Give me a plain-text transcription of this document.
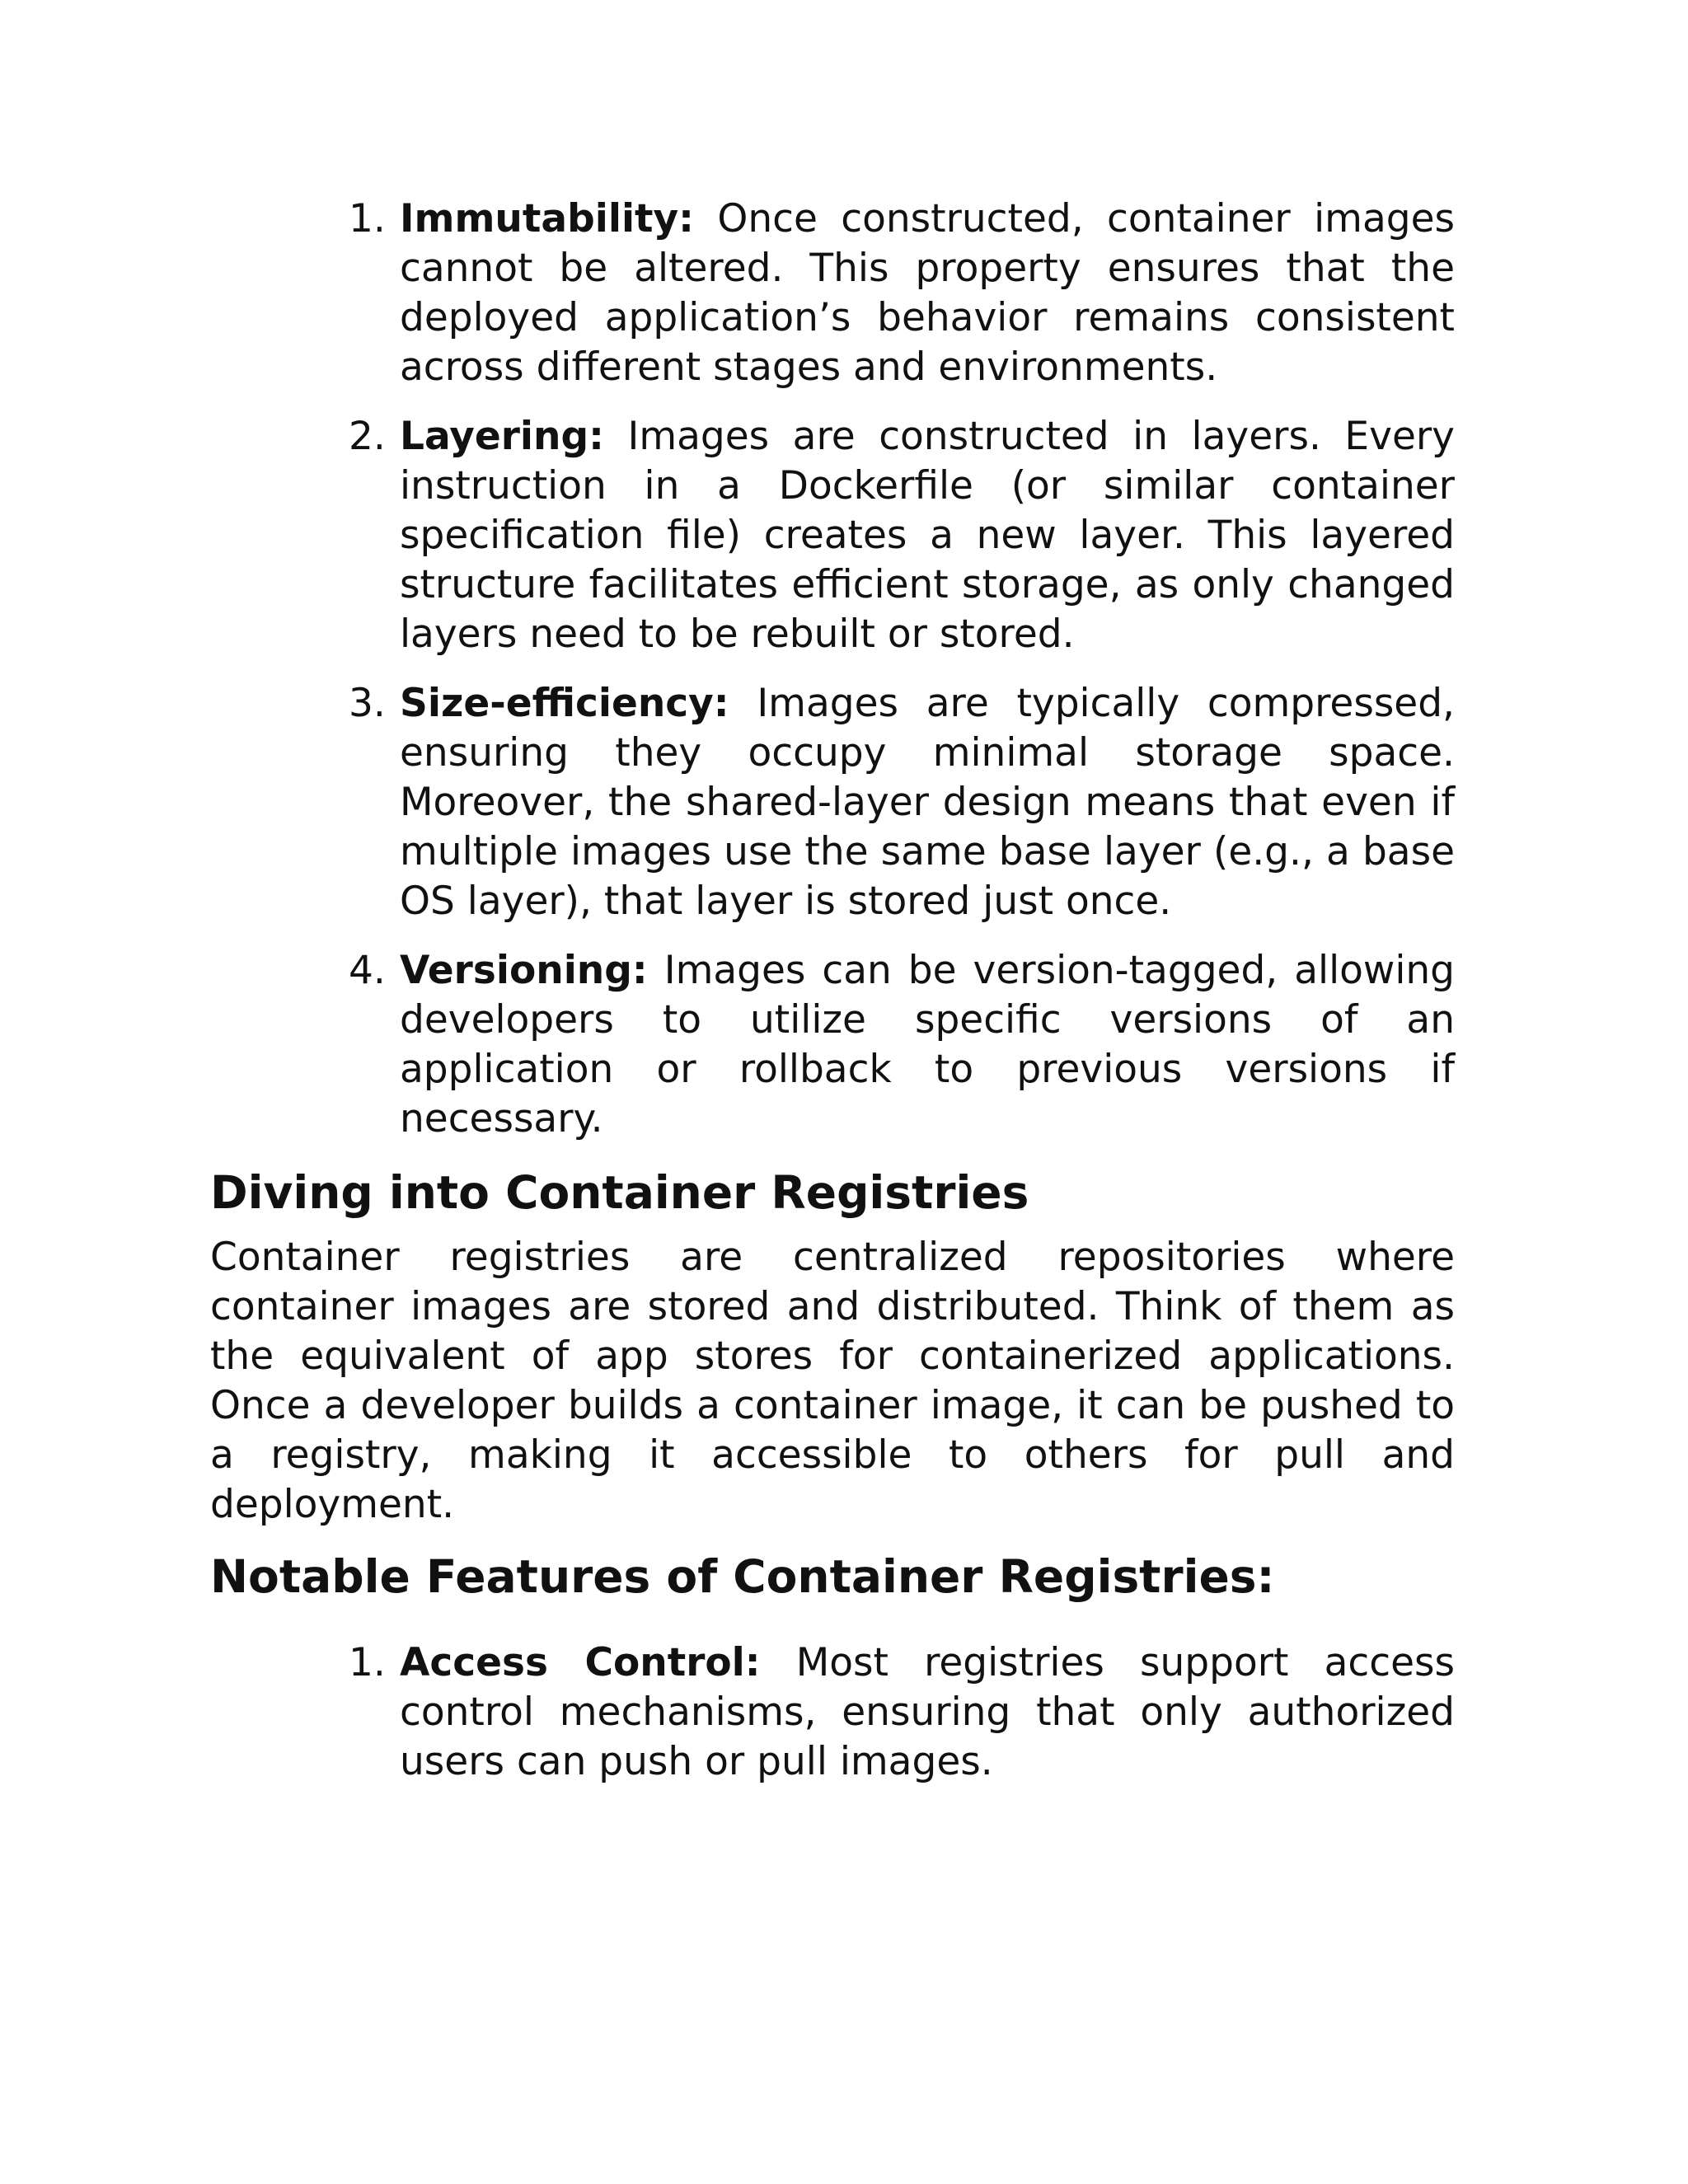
1. Immutability: Once constructed, container images cannot be altered. This property ensures that the deployed application’s behavior remains consistent across different stages and environments.
2. Layering: Images are constructed in layers. Every instruction in a Dockerfile (or similar container specification file) creates a new layer. This layered structure facilitates efficient storage, as only changed layers need to be rebuilt or stored.
3. Size-efficiency: Images are typically compressed, ensuring they occupy minimal storage space. Moreover, the shared-layer design means that even if multiple images use the same base layer (e.g., a base OS layer), that layer is stored just once.
4. Versioning: Images can be version-tagged, allowing developers to utilize specific versions of an application or rollback to previous versions if necessary.
Diving into Container Registries

Container registries are centralized repositories where container images are stored and distributed. Think of them as the equivalent of app stores for containerized applications. Once a developer builds a container image, it can be pushed to a registry, making it accessible to others for pull and deployment.

Notable Features of Container Registries:
1. Access Control: Most registries support access control mechanisms, ensuring that only authorized users can push or pull images.
